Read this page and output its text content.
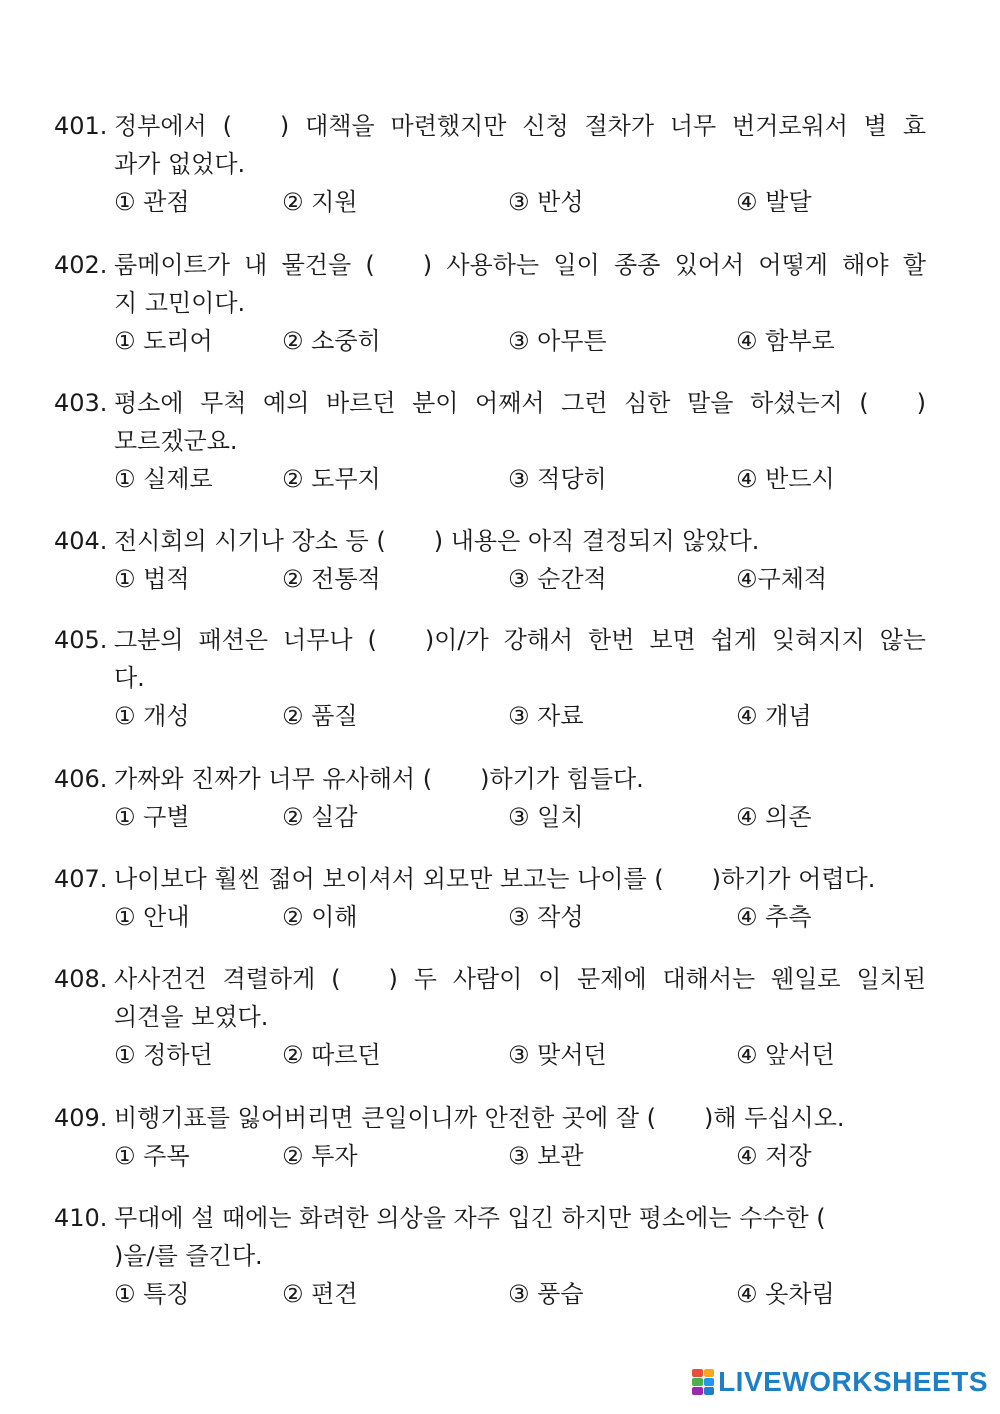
401. 정부에서 (  ) 대책을 마련했지만 신청 절차가 너무 번거로워서 별 효
과가 없었다.
① 관점	② 지원	③ 반성	④ 발달
402. 룸메이트가 내 물건을 (  ) 사용하는 일이 종종 있어서 어떻게 해야 할
지 고민이다.
① 도리어	② 소중히	③ 아무튼	④ 함부로
403. 평소에 무척 예의 바르던 분이 어째서 그런 심한 말을 하셨는지 (  )
모르겠군요.
① 실제로	② 도무지	③ 적당히	④ 반드시
404. 전시회의 시기나 장소 등 (  ) 내용은 아직 결정되지 않았다.
① 법적	② 전통적	③ 순간적	④구체적
405. 그분의 패션은 너무나 (  )이/가 강해서 한번 보면 쉽게 잊혀지지 않는
다.
① 개성	② 품질	③ 자료	④ 개념
406. 가짜와 진짜가 너무 유사해서 (  )하기가 힘들다.
① 구별	② 실감	③ 일치	④ 의존
407. 나이보다 훨씬 젊어 보이셔서 외모만 보고는 나이를 (  )하기가 어렵다.
① 안내	② 이해	③ 작성	④ 추측
408. 사사건건 격렬하게 (  ) 두 사람이 이 문제에 대해서는 웬일로 일치된
의견을 보였다.
① 정하던	② 따르던	③ 맞서던	④ 앞서던
409. 비행기표를 잃어버리면 큰일이니까 안전한 곳에 잘 (  )해 두십시오.
① 주목	② 투자	③ 보관	④ 저장
410. 무대에 설 때에는 화려한 의상을 자주 입긴 하지만 평소에는 수수한 (
)을/를 즐긴다.
① 특징	② 편견	③ 풍습	④ 옷차림
LIVEWORKSHEETS
